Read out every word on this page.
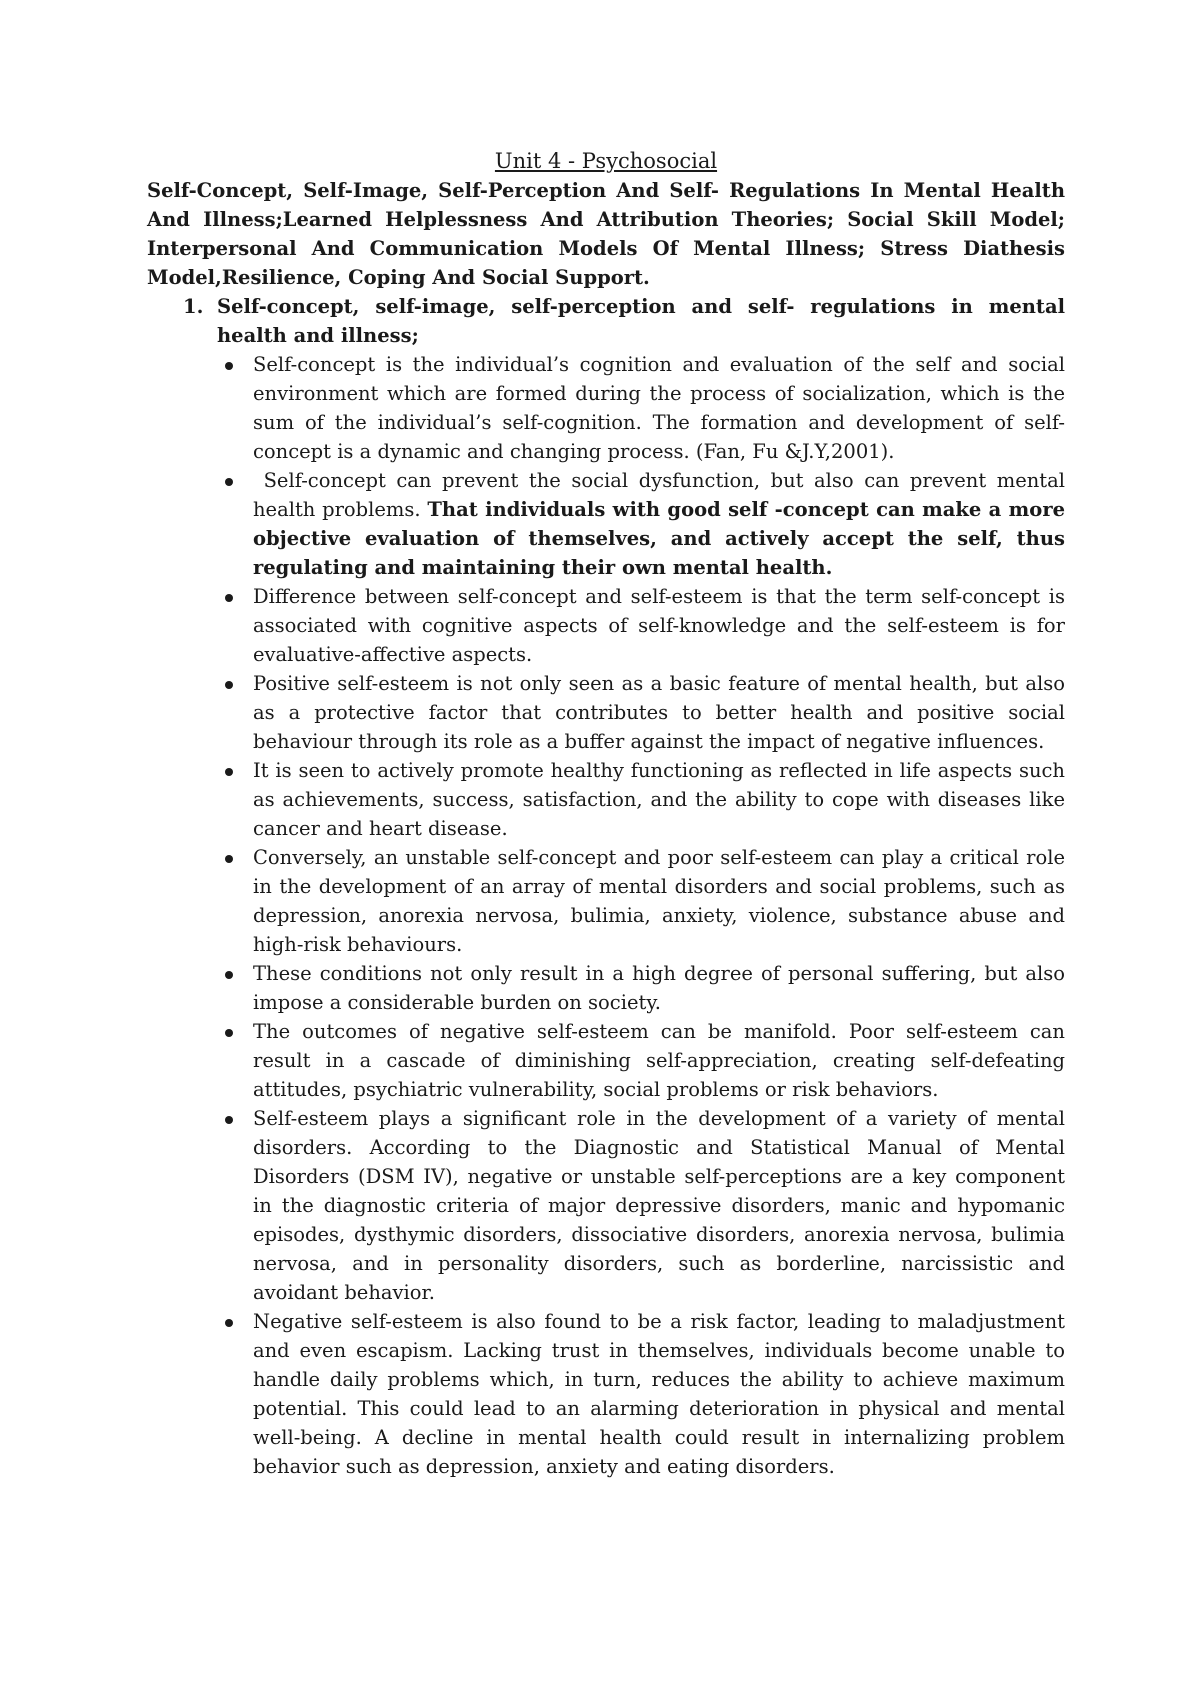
Unit 4 - Psychosocial

Self-Concept, Self-Image, Self-Perception And Self- Regulations In Mental Health And Illness;Learned Helplessness And Attribution Theories; Social Skill Model; Interpersonal And Communication Models Of Mental Illness; Stress Diathesis Model,Resilience, Coping And Social Support.

1. Self-concept, self-image, self-perception and self- regulations in mental health and illness;

Self-concept is the individual’s cognition and evaluation of the self and social environment which are formed during the process of socialization, which is the sum of the individual’s self-cognition. The formation and development of self-concept is a dynamic and changing process. (Fan, Fu &J.Y,2001).
Self-concept can prevent the social dysfunction, but also can prevent mental health problems. That individuals with good self -concept can make a more objective evaluation of themselves, and actively accept the self, thus regulating and maintaining their own mental health.
Difference between self-concept and self-esteem is that the term self-concept is associated with cognitive aspects of self-knowledge and the self-esteem is for evaluative-affective aspects.
Positive self-esteem is not only seen as a basic feature of mental health, but also as a protective factor that contributes to better health and positive social behaviour through its role as a buffer against the impact of negative influences.
It is seen to actively promote healthy functioning as reflected in life aspects such as achievements, success, satisfaction, and the ability to cope with diseases like cancer and heart disease.
Conversely, an unstable self-concept and poor self-esteem can play a critical role in the development of an array of mental disorders and social problems, such as depression, anorexia nervosa, bulimia, anxiety, violence, substance abuse and high-risk behaviours.
These conditions not only result in a high degree of personal suffering, but also impose a considerable burden on society.
The outcomes of negative self-esteem can be manifold. Poor self-esteem can result in a cascade of diminishing self-appreciation, creating self-defeating attitudes, psychiatric vulnerability, social problems or risk behaviors.
Self-esteem plays a significant role in the development of a variety of mental disorders. According to the Diagnostic and Statistical Manual of Mental Disorders (DSM IV), negative or unstable self-perceptions are a key component in the diagnostic criteria of major depressive disorders, manic and hypomanic episodes, dysthymic disorders, dissociative disorders, anorexia nervosa, bulimia nervosa, and in personality disorders, such as borderline, narcissistic and avoidant behavior.
Negative self-esteem is also found to be a risk factor, leading to maladjustment and even escapism. Lacking trust in themselves, individuals become unable to handle daily problems which, in turn, reduces the ability to achieve maximum potential. This could lead to an alarming deterioration in physical and mental well-being. A decline in mental health could result in internalizing problem behavior such as depression, anxiety and eating disorders.
